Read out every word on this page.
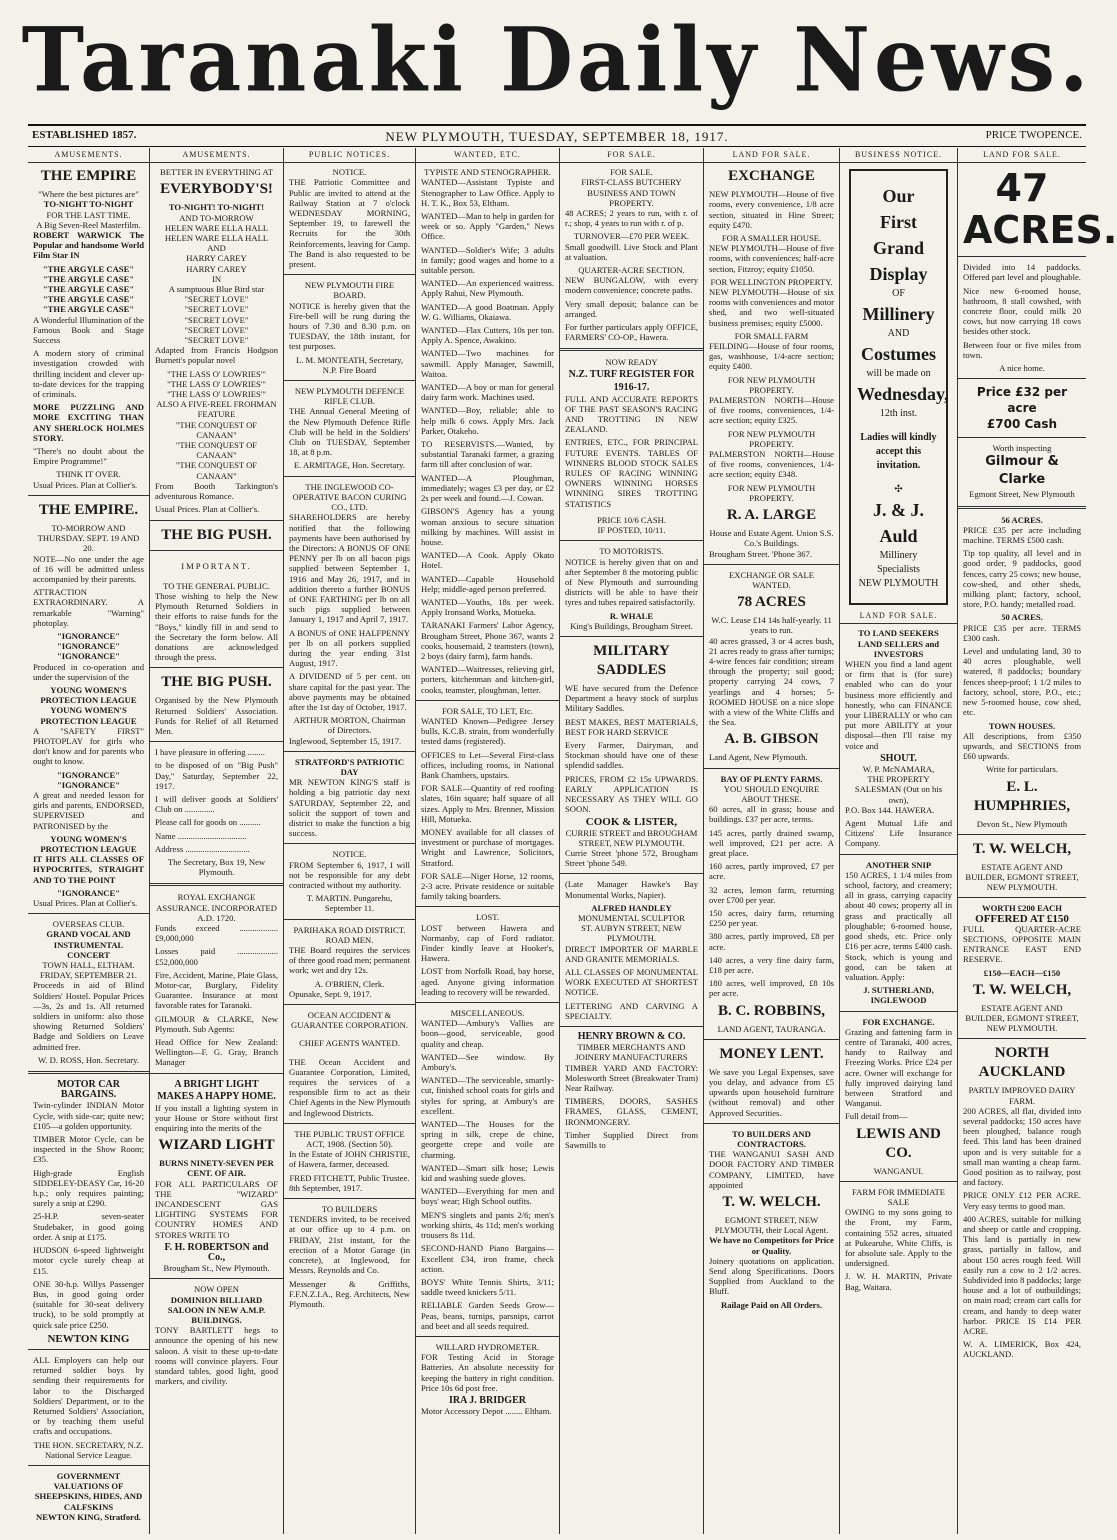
Taranaki Daily News.
ESTABLISHED 1857.	NEW PLYMOUTH, TUESDAY, SEPTEMBER 18, 1917.	PRICE TWOPENCE.
AMUSEMENTS.
THE EMPIRE
"Where the best pictures are"
TO-NIGHT TO-NIGHT
FOR THE LAST TIME.
A Big Seven-Reel Masterfilm.

ROBERT WARWICK The Popular and handsome World Film Star IN

"THE ARGYLE CASE"
"THE ARGYLE CASE"
"THE ARGYLE CASE"
"THE ARGYLE CASE"
"THE ARGYLE CASE"

A Wonderful Illumination of the Famous Book and Stage Success

A modern story of criminal investigation crowded with thrilling incident and clever up-to-date devices for the trapping of criminals.

MORE PUZZLING AND MORE EXCITING THAN ANY SHERLOCK HOLMES STORY.

"There's no doubt about the Empire Programme!"

THINK IT OVER.

Usual Prices. Plan at Collier's.

THE EMPIRE.
TO-MORROW AND THURSDAY. SEPT. 19 AND 20.

NOTE—No one under the age of 16 will be admitted unless accompanied by their parents.

ATTRACTION EXTRAORDINARY. A remarkable "Warning" photoplay.

"IGNORANCE"
"IGNORANCE"
"IGNORANCE"

Produced in co-operation and under the supervision of the

YOUNG WOMEN'S PROTECTION LEAGUE
YOUNG WOMEN'S PROTECTION LEAGUE

A "SAFETY FIRST" PHOTOPLAY for girls who don't know and for parents who ought to know.

"IGNORANCE"
"IGNORANCE"

A great and needed lesson for girls and parents, ENDORSED, SUPERVISED and PATRONISED by the

YOUNG WOMEN'S PROTECTION LEAGUE

IT HITS ALL CLASSES OF HYPOCRITES, STRAIGHT AND TO THE POINT

"IGNORANCE"

Usual Prices. Plan at Collier's.

OVERSEAS CLUB.
GRAND VOCAL AND INSTRUMENTAL CONCERT
TOWN HALL, ELTHAM. FRIDAY, SEPTEMBER 21.

Proceeds in aid of Blind Soldiers' Hostel. Popular Prices—3s, 2s and 1s. All returned soldiers in uniform: also those showing Returned Soldiers' Badge and Soldiers on Leave admitted free.

W. D. ROSS, Hon. Secretary.
MOTOR CAR BARGAINS.

Twin-cylinder INDIAN Motor Cycle, with side-car; quite new; £105—a golden opportunity.

TIMBER Motor Cycle, can be inspected in the Show Room; £35.

High-grade English SIDDELEY-DEASY Car, 16-20 h.p.; only requires painting; surely a snip at £290.

25-H.P. seven-seater Studebaker, in good going order. A snip at £175.

HUDSON 6-speed lightweight motor cycle surely cheap at £15.

ONE 30-h.p. Willys Passenger Bus, in good going order (suitable for 30-seat delivery truck), to be sold promptly at quick sale price £250.

NEWTON KING

ALL Employers can help our returned soldier boys by sending their requirements for labor to the Discharged Soldiers' Department, or to the Returned Soldiers' Association, or by teaching them useful crafts and occupations.

THE HON. SECRETARY, N.Z. National Service League.
GOVERNMENT VALUATIONS OF SHEEPSKINS, HIDES, AND CALFSKINS
NEWTON KING, Stratford.
AMUSEMENTS.
BETTER IN EVERYTHING AT
EVERYBODY'S!
TO-NIGHT! TO-NIGHT!
AND TO-MORROW
HELEN WARE ELLA HALL
HELEN WARE ELLA HALL
AND
HARRY CAREY
HARRY CAREY
IN
A sumptuous Blue Bird star
"SECRET LOVE"
"SECRET LOVE"
"SECRET LOVE"
"SECRET LOVE"
"SECRET LOVE"

Adapted from Francis Hodgson Burnett's popular novel

"THE LASS O' LOWRIES'"
"THE LASS O' LOWRIES'"
"THE LASS O' LOWRIES'"
ALSO A FIVE-REEL FROHMAN FEATURE
"THE CONQUEST OF CANAAN"
"THE CONQUEST OF CANAAN"
"THE CONQUEST OF CANAAN"

From Booth Tarkington's adventurous Romance.

Usual Prices. Plan at Collier's.

THE BIG PUSH.
IMPORTANT.
TO THE GENERAL PUBLIC.

Those wishing to help the New Plymouth Returned Soldiers in their efforts to raise funds for the "Boys," kindly fill in and send to the Secretary the form below. All donations are acknowledged through the press.

THE BIG PUSH.

Organised by the New Plymouth Returned Soldiers' Association. Funds for Relief of all Returned Men.

I have pleasure in offering ........

to be disposed of on "Big Push" Day," Saturday, September 22, 1917.

I will deliver goods at Soldiers' Club on ..............

Please call for goods on ..........

Name ................................

Address ..............................

The Secretary, Box 19, New Plymouth.
ROYAL EXCHANGE ASSURANCE. INCORPORATED A.D. 1720.

Funds exceed .................. £9,000,000

Losses paid ................... £52,000,000

Fire, Accident, Marine, Plate Glass, Motor-car, Burglary, Fidelity Guarantee. Insurance at most favorable rates for Taranaki.

GILMOUR & CLARKE, New Plymouth. Sub Agents:

Head Office for New Zealand: Wellington—F. G. Gray, Branch Manager

A BRIGHT LIGHT MAKES A HAPPY HOME.

If you install a lighting system in your House or Store without first enquiring into the merits of the

WIZARD LIGHT
BURNS NINETY-SEVEN PER CENT. OF AIR.

FOR ALL PARTICULARS OF THE "WIZARD" INCANDESCENT GAS LIGHTING SYSTEMS FOR COUNTRY HOMES AND STORES WRITE TO

F. H. ROBERTSON and Co.,
Brougham St., New Plymouth.
NOW OPEN
DOMINION BILLIARD SALOON IN NEW A.M.P. BUILDINGS.

TONY BARTLETT begs to announce the opening of his new saloon. A visit to these up-to-date rooms will convince players. Four standard tables, good light, good markers, and civility.

PUBLIC NOTICES.
NOTICE.

THE Patriotic Committee and Public are invited to attend at the Railway Station at 7 o'clock WEDNESDAY MORNING, September 19, to farewell the Recruits for the 30th Reinforcements, leaving for Camp. The Band is also requested to be present.

NEW PLYMOUTH FIRE BOARD.

NOTICE is hereby given that the Fire-bell will be rung during the hours of 7.30 and 8.30 p.m. on TUESDAY, the 18th instant, for test purposes.

L. M. MONTEATH, Secretary, N.P. Fire Board
NEW PLYMOUTH DEFENCE RIFLE CLUB.

THE Annual General Meeting of the New Plymouth Defence Rifle Club will be held in the Soldiers' Club on TUESDAY, September 18, at 8 p.m.

E. ARMITAGE, Hon. Secretary.
THE INGLEWOOD CO-OPERATIVE BACON CURING CO., LTD.

SHAREHOLDERS are hereby notified that the following payments have been authorised by the Directors: A BONUS OF ONE PENNY per lb on all bacon pigs supplied between September 1, 1916 and May 26, 1917, and in addition thereto a further BONUS of ONE FARTHING per lb on all such pigs supplied between January 1, 1917 and April 7, 1917.

A BONUS of ONE HALFPENNY per lb on all porkers supplied during the year ending 31st August, 1917.

A DIVIDEND of 5 per cent. on share capital for the past year. The above payments may be obtained after the 1st day of October, 1917.

ARTHUR MORTON, Chairman of Directors.

Inglewood, September 15, 1917.

STRATFORD'S PATRIOTIC DAY

MR NEWTON KING'S staff is holding a big patriotic day next SATURDAY, September 22, and solicit the support of town and district to make the function a big success.

NOTICE.

FROM September 6, 1917, I will not be responsible for any debt contracted without my authority.

T. MARTIN. Pungarehu, September 11.
PARIHAKA ROAD DISTRICT.
ROAD MEN.

THE Board requires the services of three good road men; permanent work; wet and dry 12s.

A. O'BRIEN, Clerk.

Opunake, Sept. 9, 1917.

OCEAN ACCIDENT & GUARANTEE CORPORATION.
CHIEF AGENTS WANTED.

THE Ocean Accident and Guarantee Corporation, Limited, requires the services of a responsible firm to act as their Chief Agents in the New Plymouth and Inglewood Districts.

THE PUBLIC TRUST OFFICE ACT, 1908. (Section 50).

In the Estate of JOHN CHRISTIE, of Hawera, farmer, deceased.

FRED FITCHETT, Public Trustee.

8th September, 1917.

TO BUILDERS

TENDERS invited, to be received at our office up to 4 p.m. on FRIDAY, 21st instant, for the erection of a Motor Garage (in concrete), at Inglewood, for Messrs. Reynolds and Co.

Messenger & Griffiths, F.F.N.Z.I.A., Reg. Architects, New Plymouth.

WANTED, ETC.
TYPISTE AND STENOGRAPHER.

WANTED—Assistant Typiste and Stenographer to Law Office. Apply to H. T. K., Box 53, Eltham.

WANTED—Man to help in garden for week or so. Apply "Garden," News Office.

WANTED—Soldier's Wife; 3 adults in family; good wages and home to a suitable person.

WANTED—An experienced waitress. Apply Rahui, New Plymouth.

WANTED—A good Boatman. Apply W. G. Williams, Okaiawa.

WANTED—Flax Cutters, 10s per ton. Apply A. Spence, Awakino.

WANTED—Two machines for sawmill. Apply Manager, Sawmill, Waitoa.

WANTED—A boy or man for general dairy farm work. Machines used.

WANTED—Boy, reliable; able to help milk 6 cows. Apply Mrs. Jack Parker, Otakeho.

TO RESERVISTS.—Wanted, by substantial Taranaki farmer, a grazing farm till after conclusion of war.

WANTED—A Ploughman, immediately; wages £3 per day, or £2 2s per week and found.—J. Cowan.

GIBSON'S Agency has a young woman anxious to secure situation milking by machines. Will assist in house.

WANTED—A Cook. Apply Okato Hotel.

WANTED—Capable Household Help; middle-aged person preferred.

WANTED—Youths, 18s per week. Apply Ironsand Works, Motueka.

TARANAKI Farmers' Labor Agency, Brougham Street, Phone 367, wants 2 cooks, housemaid, 2 teamsters (town), 2 boys (dairy farm), farm hands.

WANTED—Waitresses, relieving girl, porters, kitchenman and kitchen-girl, cooks, teamster, ploughman, letter.

FOR SALE, TO LET, Etc.

WANTED Known—Pedigree Jersey bulls, K.C.B. strain, from wonderfully tested dams (registered).

OFFICES to Let—Several First-class offices, including rooms, in National Bank Chambers, upstairs.

FOR SALE—Quantity of red roofing slates, 16in square; half square of all sizes. Apply to Mrs. Brenner, Mission Hill, Motueka.

MONEY available for all classes of investment or purchase of mortgages. Wright and Lawrence, Solicitors, Stratford.

FOR SALE—Niger Horse, 12 rooms, 2-3 acre. Private residence or suitable family taking boarders.

LOST.

LOST between Hawera and Normanby, cap of Ford radiator. Finder kindly leave at Hooker's, Hawera.

LOST from Norfolk Road, bay horse, aged. Anyone giving information leading to recovery will be rewarded.

MISCELLANEOUS.

WANTED—Ambury's Vallies are boon—good, serviceable, good quality and cheap.

WANTED—See window. By Ambury's.

WANTED—The serviceable, smartly-cut, finished school coats for girls and styles for spring, at Ambury's are excellent.

WANTED—The Houses for the spring in silk, crepe de chine, georgette crepe and voile are charming.

WANTED—Smart silk hose; Lewis kid and washing suede gloves.

WANTED—Everything for men and boys' wear; High School outfits.

MEN'S singlets and pants 2/6; men's working shirts, 4s 11d; men's working trousers 8s 11d.

SECOND-HAND Piano Bargains—Excellent £34, iron frame, check action.

BOYS' White Tennis Shirts, 3/11; saddle tweed knickers 5/11.

RELIABLE Garden Seeds Grow—Peas, beans, turnips, parsnips, carrot and beet and all seeds required.

WILLARD HYDROMETER.

FOR Testing Acid in Storage Batteries. An absolute necessity for keeping the battery in right condition. Price 10s 6d post free.

IRA J. BRIDGER

Motor Accessory Depot ........ Eltham.

FOR SALE.
FOR SALE.
FIRST-CLASS BUTCHERY BUSINESS AND TOWN PROPERTY.

48 ACRES; 2 years to run, with r. of r.; shop, 4 years to run with r. of p.

TURNOVER—£70 PER WEEK.

Small goodwill. Live Stock and Plant at valuation.

QUARTER-ACRE SECTION.

NEW BUNGALOW, with every modern convenience; concrete paths.

Very small deposit; balance can be arranged.

For further particulars apply OFFICE, FARMERS' CO-OP., Hawera.

NOW READY
N.Z. TURF REGISTER FOR 1916-17.

FULL AND ACCURATE REPORTS OF THE PAST SEASON'S RACING AND TROTTING IN NEW ZEALAND.

ENTRIES, ETC., FOR PRINCIPAL FUTURE EVENTS. TABLES OF WINNERS BLOOD STOCK SALES RULES OF RACING WINNING OWNERS WINNING HORSES WINNING SIRES TROTTING STATISTICS

PRICE 10/6 CASH.
IF POSTED, 10/11.
TO MOTORISTS.

NOTICE is hereby given that on and after September 8 the motoring public of New Plymouth and surrounding districts will be able to have their tyres and tubes repaired satisfactorily.

R. WHALE
King's Buildings, Brougham Street.
MILITARY SADDLES

WE have secured from the Defence Department a heavy stock of surplus Military Saddles.

BEST MAKES, BEST MATERIALS, BEST FOR HARD SERVICE

Every Farmer, Dairyman, and Stockman should have one of these splendid saddles.

PRICES, FROM £2 15s UPWARDS. EARLY APPLICATION IS NECESSARY AS THEY WILL GO SOON.

COOK & LISTER,
CURRIE STREET and BROUGHAM STREET, NEW PLYMOUTH.

Currie Street 'phone 572, Brougham Street 'phone 549.

(Late Manager Hawke's Bay Monumental Works, Napier).

ALFRED HANDLEY
MONUMENTAL SCULPTOR
ST. AUBYN STREET, NEW PLYMOUTH.

DIRECT IMPORTER OF MARBLE AND GRANITE MEMORIALS.

ALL CLASSES OF MONUMENTAL WORK EXECUTED AT SHORTEST NOTICE.

LETTERING AND CARVING A SPECIALTY.

HENRY BROWN & CO.
TIMBER MERCHANTS AND JOINERY MANUFACTURERS

TIMBER YARD AND FACTORY: Molesworth Street (Breakwater Tram) Near Railway.

TIMBERS, DOORS, SASHES FRAMES, GLASS, CEMENT, IRONMONGERY.

Timber Supplied Direct from Sawmills to

LAND FOR SALE.
EXCHANGE

NEW PLYMOUTH—House of five rooms, every convenience, 1/8 acre section, situated in Hine Street; equity £470.

FOR A SMALLER HOUSE.

NEW PLYMOUTH—House of five rooms, with conveniences; half-acre section, Fitzroy; equity £1050.

FOR WELLINGTON PROPERTY.

NEW PLYMOUTH—House of six rooms with conveniences and motor shed, and two well-situated business premises; equity £5000.

FOR SMALL FARM

FEILDING—House of four rooms, gas, washhouse, 1/4-acre section; equity £400.

FOR NEW PLYMOUTH PROPERTY.

PALMERSTON NORTH—House of five rooms, conveniences, 1/4-acre section; equity £325.

FOR NEW PLYMOUTH PROPERTY.

PALMERSTON NORTH—House of five rooms, conveniences, 1/4-acre section; equity £348.

FOR NEW PLYMOUTH PROPERTY.
R. A. LARGE
House and Estate Agent. Union S.S. Co.'s Buildings.

Brougham Street. 'Phone 367.

EXCHANGE OR SALE WANTED.
78 ACRES
W.C. Lease £14 14s half-yearly. 11 years to run.

40 acres grassed, 3 or 4 acres bush, 21 acres ready to grass after turnips; 4-wire fences fair condition; stream through the property; soil good; property carrying 24 cows, 7 yearlings and 4 horses; 5-ROOMED HOUSE on a nice slope with a view of the White Cliffs and the Sea.

A. B. GIBSON

Land Agent, New Plymouth.

BAY OF PLENTY FARMS.
YOU SHOULD ENQUIRE ABOUT THESE.

60 acres, all in grass; house and buildings. £37 per acre, terms.

145 acres, partly drained swamp, well improved, £21 per acre. A great place.

160 acres, partly improved, £7 per acre.

32 acres, lemon farm, returning over £700 per year.

150 acres, dairy farm, returning £250 per year.

380 acres, partly improved, £8 per acre.

140 acres, a very fine dairy farm, £18 per acre.

180 acres, well improved, £8 10s per acre.

B. C. ROBBINS,
LAND AGENT, TAURANGA.
MONEY LENT.

We save you Legal Expenses, save you delay, and advance from £5 upwards upon household furniture (without removal) and other Approved Securities.

TO BUILDERS AND CONTRACTORS.

THE WANGANUI SASH AND DOOR FACTORY AND TIMBER COMPANY, LIMITED, have appointed

T. W. WELCH.
EGMONT STREET, NEW PLYMOUTH, their Local Agent.
We have no Competitors for Price or Quality.

Joinery quotations on application. Send along Specifications. Doors Supplied from Auckland to the Bluff.

Railage Paid on All Orders.
BUSINESS NOTICE.
Our
First
Grand
Display
OF
Millinery
AND
Costumes
will be made on
Wednesday,
12th inst.
Ladies will kindly accept this invitation.
✣
J. & J. Auld
Millinery Specialists
NEW PLYMOUTH
LAND FOR SALE.
TO LAND SEEKERS LAND SELLERS and INVESTORS

WHEN you find a land agent or firm that is (for sure) enabled who can do your business more efficiently and honestly, who can FINANCE your LIBERALLY or who can put more ABILITY at your disposal—then I'll raise my voice and

SHOUT.
W. P. McNAMARA,
THE PROPERTY SALESMAN (Out on his own),

P.O. Box 144. HAWERA.

Agent Mutual Life and Citizens' Life Insurance Company.

ANOTHER SNIP

150 ACRES, 1 1/4 miles from school, factory, and creamery; all in grass, carrying capacity about 40 cows; property all in grass and practically all ploughable; 6-roomed house, good sheds, etc. Price only £16 per acre, terms £400 cash. Stock, which is young and good, can be taken at valuation. Apply:

J. SUTHERLAND, INGLEWOOD
FOR EXCHANGE.

Grazing and fattening farm in centre of Taranaki, 400 acres, handy to Railway and Freezing Works. Price £24 per acre. Owner will exchange for fully improved dairying land between Stratford and Wanganui.

Full detail from—

LEWIS AND CO.
WANGANUI.
FARM FOR IMMEDIATE SALE

OWING to my sons going to the Front, my Farm, containing 552 acres, situated at Pukearuhe, White Cliffs, is for absolute sale. Apply to the undersigned.

J. W. H. MARTIN, Private Bag, Waitara.

LAND FOR SALE.
47 ACRES.

Divided into 14 paddocks. Offered part level and ploughable.

Nice new 6-roomed house, bathroom, 8 stall cowshed, with concrete floor, could milk 20 cows, but now carrying 18 cows besides other stock.

Between four or five miles from town.

A nice home.
Price £32 per acre
£700 Cash
Worth inspecting
Gilmour & Clarke
Egmont Street, New Plymouth
56 ACRES.

PRICE £35 per acre including machine. TERMS £500 cash.

Tip top quality, all level and in good order, 9 paddocks, good fences, carry 25 cows; new house, cow-shed, and other sheds, milking plant; factory, school, store, P.O. handy; metalled road.

50 ACRES.

PRICE £35 per acre. TERMS £300 cash.

Level and undulating land, 30 to 40 acres ploughable, well watered, 8 paddocks; boundary fences sheep-proof; 1 1/2 miles to factory, school, store, P.O., etc.; new 5-roomed house, cow shed, etc.

TOWN HOUSES.

All descriptions, from £350 upwards, and SECTIONS from £60 upwards.

Write for particulars.
E. L. HUMPHRIES,
Devon St., New Plymouth
T. W. WELCH,
ESTATE AGENT AND BUILDER, EGMONT STREET, NEW PLYMOUTH.
WORTH £200 EACH
OFFERED AT £150

FULL QUARTER-ACRE SECTIONS, OPPOSITE MAIN ENTRANCE EAST END RESERVE.

£150—EACH—£150
T. W. WELCH,
ESTATE AGENT AND BUILDER, EGMONT STREET, NEW PLYMOUTH.
NORTH AUCKLAND
PARTLY IMPROVED DAIRY FARM.

200 ACRES, all flat, divided into several paddocks; 150 acres have been ploughed, balance rough feed. This land has been drained upon and is very suitable for a small man wanting a cheap farm. Good position as to railway, post and factory.

PRICE ONLY £12 PER ACRE. Very easy terms to good man.

400 ACRES, suitable for milking and sheep or cattle and cropping. This land is partially in new grass, partially in fallow, and about 150 acres rough feed. Will easily run a cow to 2 1/2 acres. Subdivided into 8 paddocks; large house and a lot of outbuildings; on main road; cream cart calls for cream, and handy to deep water harbor. PRICE IS £14 PER ACRE.

W. A. LIMERICK, Box 424, AUCKLAND.
